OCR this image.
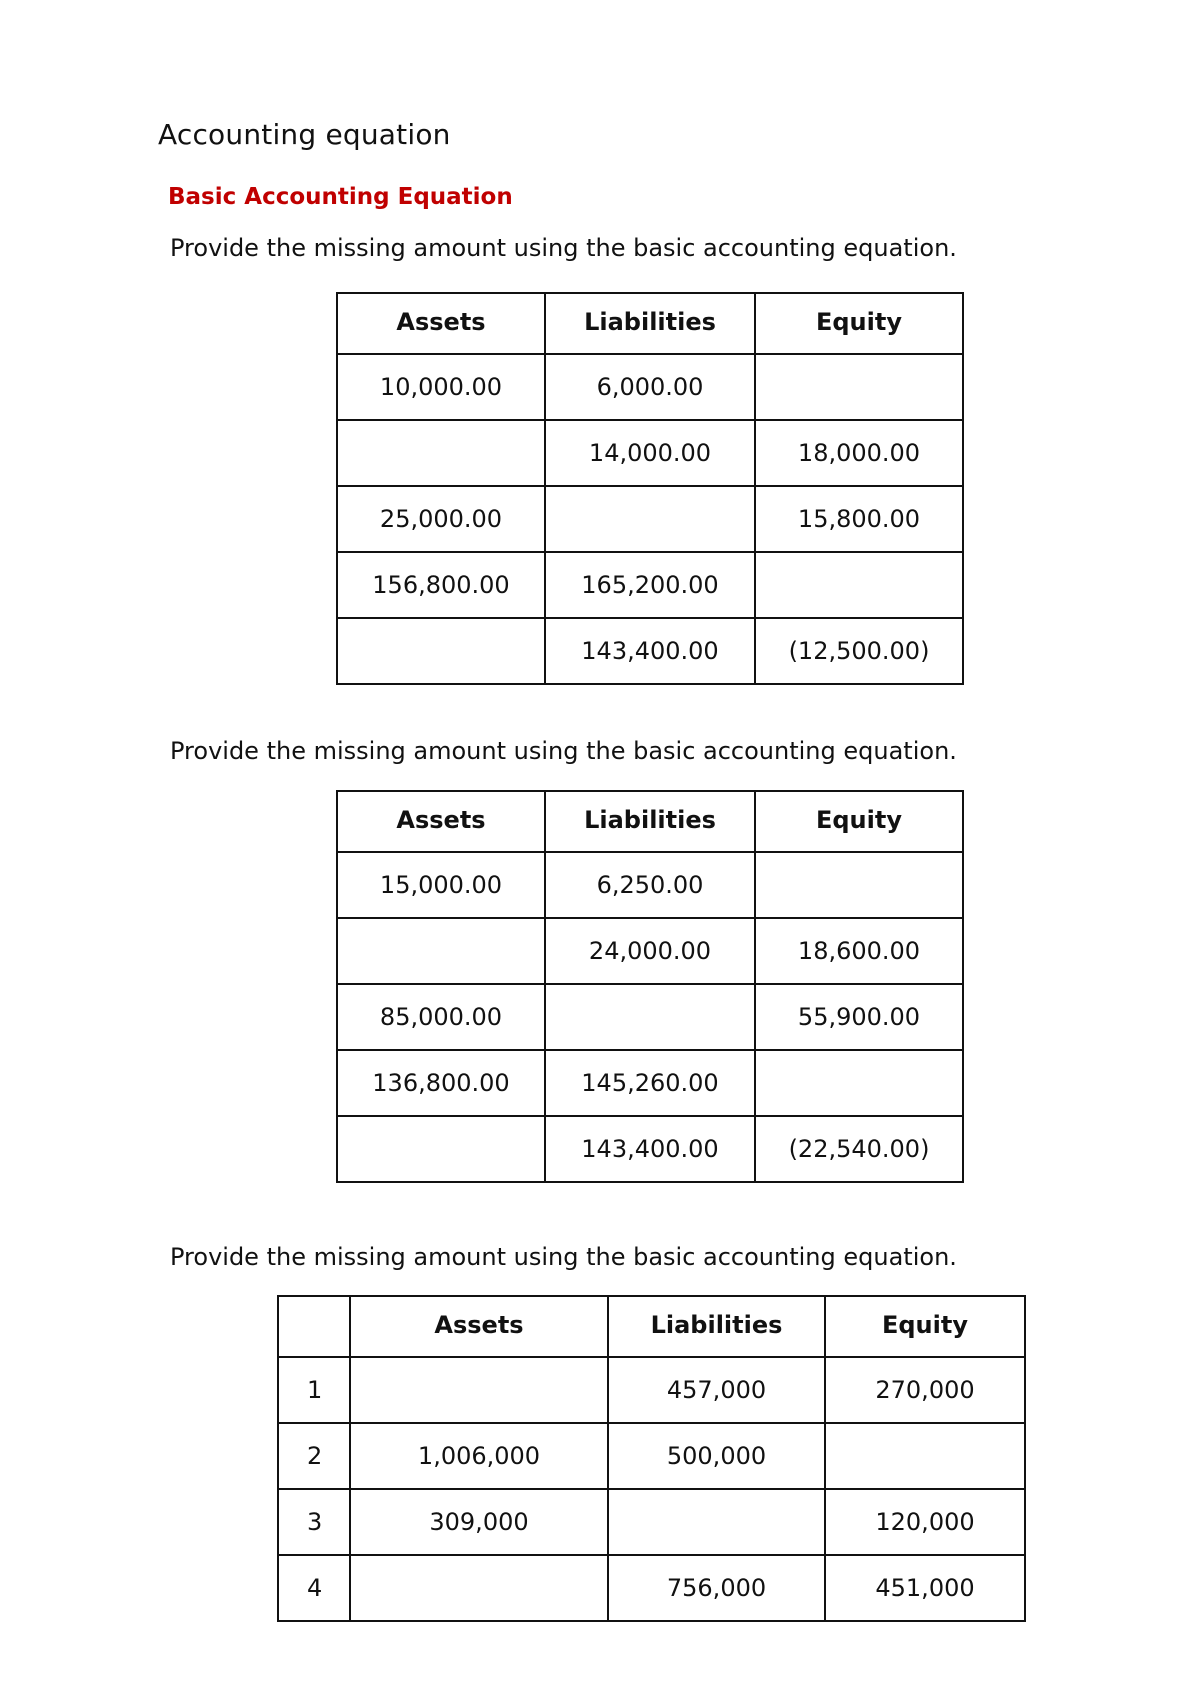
Accounting equation
Basic Accounting Equation
Provide the missing amount using the basic accounting equation.
Assets	Liabilities	Equity
10,000.00	6,000.00	
	14,000.00	18,000.00
25,000.00		15,800.00
156,800.00	165,200.00	
	143,400.00	(12,500.00)
Provide the missing amount using the basic accounting equation.
Assets	Liabilities	Equity
15,000.00	6,250.00	
	24,000.00	18,600.00
85,000.00		55,900.00
136,800.00	145,260.00	
	143,400.00	(22,540.00)
Provide the missing amount using the basic accounting equation.
	Assets	Liabilities	Equity
1		457,000	270,000
2	1,006,000	500,000	
3	309,000		120,000
4		756,000	451,000
